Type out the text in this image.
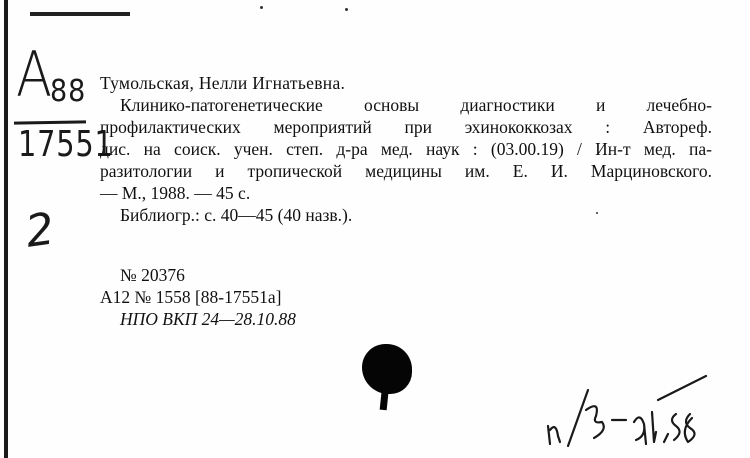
А
88
17551
2
Тумольская, Нелли Игнатьевна.
Клинико-патогенетические основы диагностики и лечебно-
профилактических мероприятий при эхинококкозах : Автореф.
дис. на соиск. учен. степ. д-ра мед. наук : (03.00.19) / Ин-т мед. па-
разитологии и тропической медицины им. Е. И. Марциновского.
— М., 1988. — 45 с.
Библиогр.: с. 40—45 (40 назв.).
№ 20376
А12 № 1558 [88-17551а]
НПО ВКП 24—28.10.88
